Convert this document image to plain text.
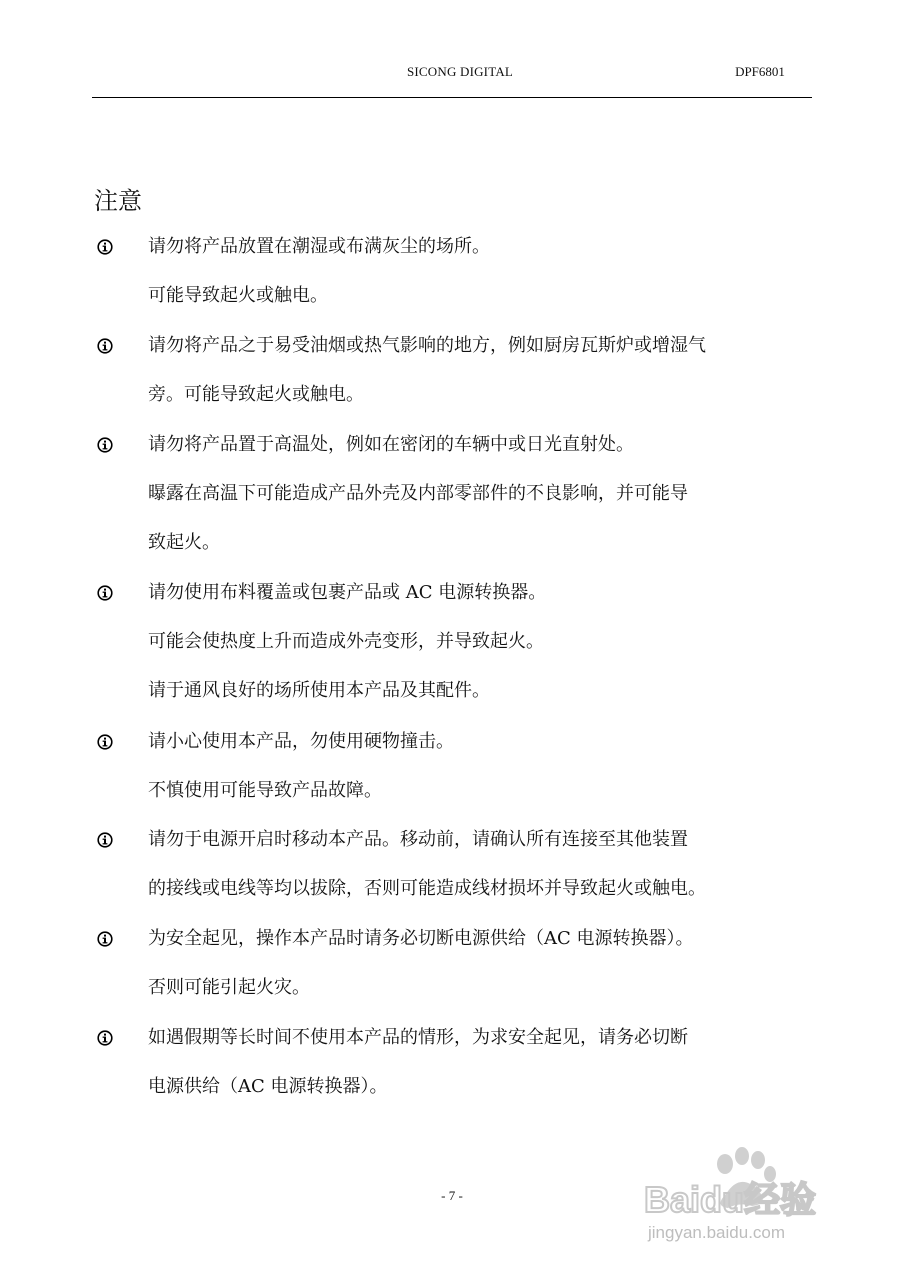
SICONG DIGITAL	DPF6801
注意
请勿将产品放置在潮湿或布满灰尘的场所。
可能导致起火或触电。
请勿将产品之于易受油烟或热气影响的地方，例如厨房瓦斯炉或增湿气
旁。可能导致起火或触电。
请勿将产品置于高温处，例如在密闭的车辆中或日光直射处。
曝露在高温下可能造成产品外壳及内部零部件的不良影响，并可能导
致起火。
请勿使用布料覆盖或包裹产品或 AC 电源转换器。
可能会使热度上升而造成外壳变形，并导致起火。
请于通风良好的场所使用本产品及其配件。
请小心使用本产品，勿使用硬物撞击。
不慎使用可能导致产品故障。
请勿于电源开启时移动本产品。移动前，请确认所有连接至其他装置
的接线或电线等均以拔除，否则可能造成线材损坏并导致起火或触电。
为安全起见，操作本产品时请务必切断电源供给（AC 电源转换器）。
否则可能引起火灾。
如遇假期等长时间不使用本产品的情形，为求安全起见，请务必切断
电源供给（AC 电源转换器）。
- 7 -	Baidu经验
jingyan.baidu.com
